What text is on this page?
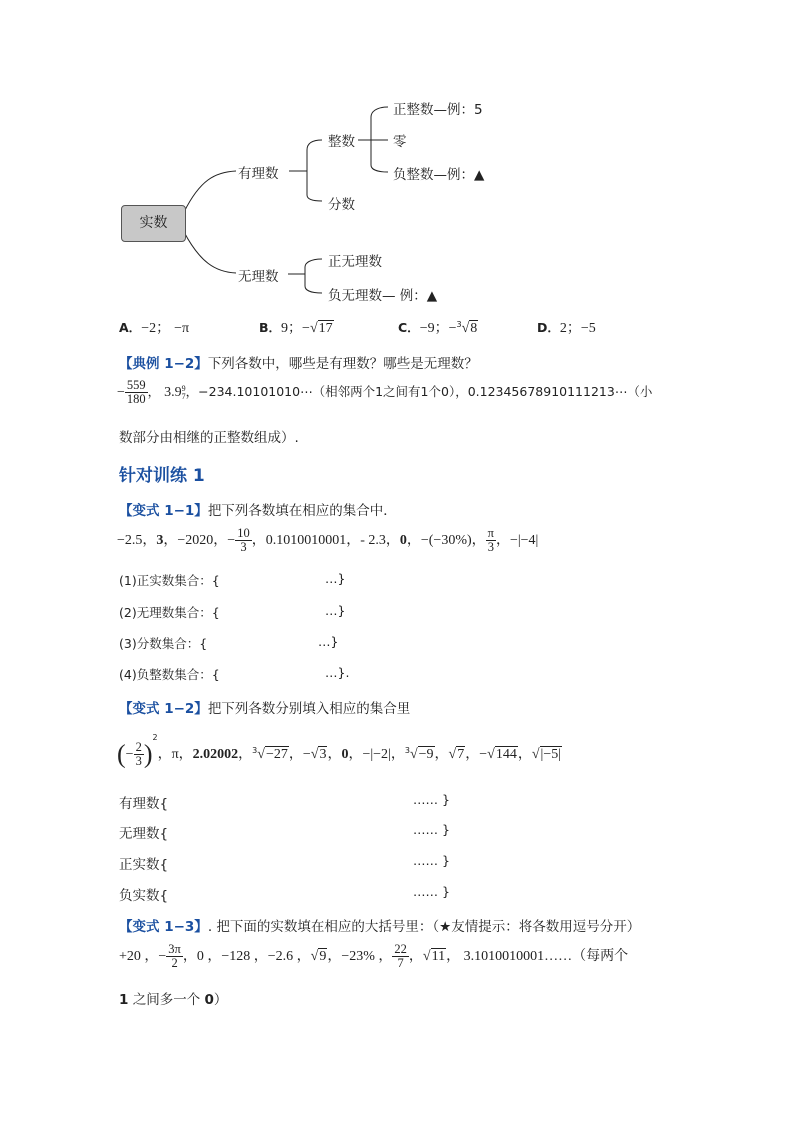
实数
有理数
整数
分数
正整数—例：5
零
负整数—例：▲
无理数
正无理数
负无理数— 例：▲
A．−2； −π	B．9；−√17	C．−9；−$^3$√8	D．2；−5
【典例 1−2】下列各数中，哪些是有理数？哪些是无理数？
− $\frac{559}{180}$ ， 3.9 9
7 ，−234.10101010⋯（相邻两个1之间有1个0），0.12345678910111213⋯（小
数部分由相继的正整数组成）.
针对训练 1
【变式 1−1】把下列各数填在相应的集合中．
−2.5，3，−2020，− $\frac{10}{3}$ ，0.1010010001，- 2.3，0，−(−30%)， $\frac{\pi}{3}$ ，−|−4|
(1)正实数集合：{	…}
(2)无理数集合：{	…}
(3)分数集合：{	…}
(4)负整数集合：{	…}.
【变式 1−2】把下列各数分别填入相应的集合里
(− $\frac{2}{3} )^2$，π，2.02002，$^3$√−27，−√3，0，−|−2|，$^3$√−9，√7，−√144，√|−5|
有理数{	…… }
无理数{	…… }
正实数{	…… }
负实数{	…… }
【变式 1−3】. 把下面的实数填在相应的大括号里：（★友情提示：将各数用逗号分开）
+20 ，− $\frac{3\pi}{2}$ ，0 ，−128 ，−2.6 ，√9，−23% ， $\frac{22}{7}$ ，√11， 3.1010010001……（每两个
1 之间多一个 0）
